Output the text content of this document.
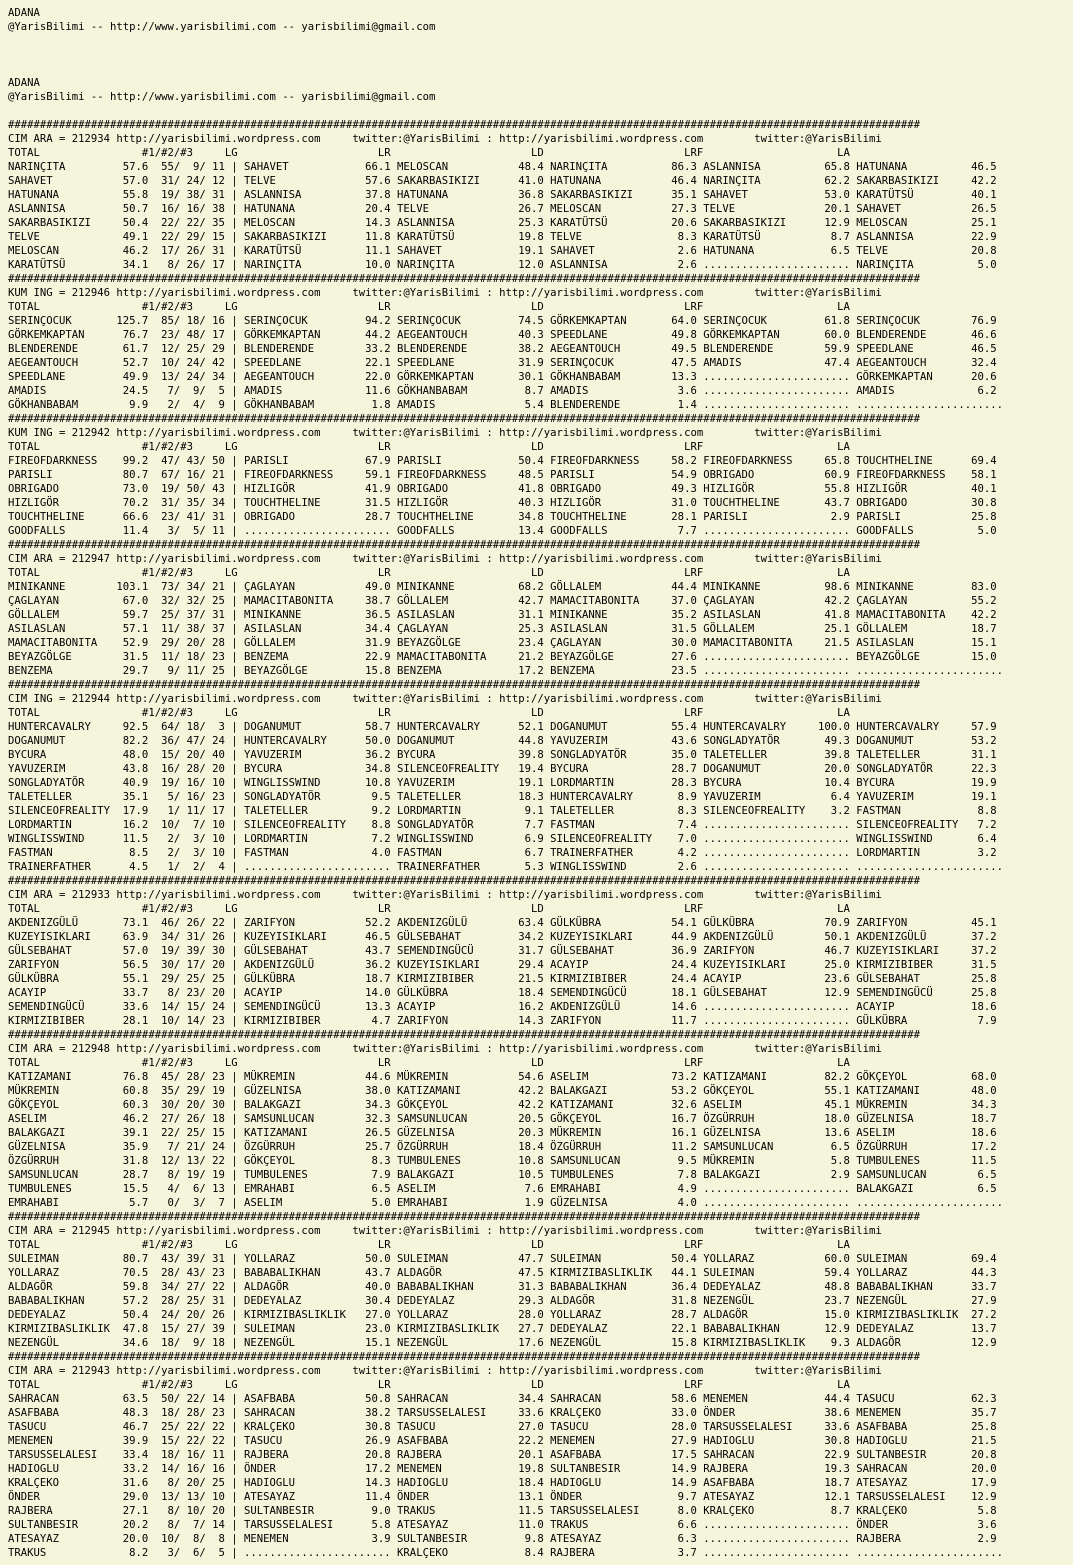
ADANA
@YarisBilimi -- http://www.yarisbilimi.com -- yarisbilimi@gmail.com

ADANA
@YarisBilimi -- http://www.yarisbilimi.com -- yarisbilimi@gmail.com

###############################################################################################################################################
CIM ARA = 212934 http://yarisbilimi.wordpress.com     twitter:@YarisBilimi : http://yarisbilimi.wordpress.com        twitter:@YarisBilimi
TOTAL                #1/#2/#3     LG                      LR                      LD                      LRF                     LA
NARINÇITA         57.6  55/  9/ 11 | SAHAVET            66.1 MELOSCAN           48.4 NARINÇITA          86.3 ASLANNISA          65.8 HATUNANA          46.5
SAHAVET           57.0  31/ 24/ 12 | TELVE              57.6 SAKARBASIKIZI      41.0 HATUNANA           46.4 NARINÇITA          62.2 SAKARBASIKIZI     42.2
HATUNANA          55.8  19/ 38/ 31 | ASLANNISA          37.8 HATUNANA           36.8 SAKARBASIKIZI      35.1 SAHAVET            53.0 KARATÜTSÜ         40.1
ASLANNISA         50.7  16/ 16/ 38 | HATUNANA           20.4 TELVE              26.7 MELOSCAN           27.3 TELVE              20.1 SAHAVET           26.5
SAKARBASIKIZI     50.4  22/ 22/ 35 | MELOSCAN           14.3 ASLANNISA          25.3 KARATÜTSÜ          20.6 SAKARBASIKIZI      12.9 MELOSCAN          25.1
TELVE             49.1  22/ 29/ 15 | SAKARBASIKIZI      11.8 KARATÜTSÜ          19.8 TELVE               8.3 KARATÜTSÜ           8.7 ASLANNISA         22.9
MELOSCAN          46.2  17/ 26/ 31 | KARATÜTSÜ          11.1 SAHAVET            19.1 SAHAVET             2.6 HATUNANA            6.5 TELVE             20.8
KARATÜTSÜ         34.1   8/ 26/ 17 | NARINÇITA          10.0 NARINÇITA          12.0 ASLANNISA           2.6 ....................... NARINÇITA          5.0
###############################################################################################################################################
KUM ING = 212946 http://yarisbilimi.wordpress.com     twitter:@YarisBilimi : http://yarisbilimi.wordpress.com        twitter:@YarisBilimi
TOTAL                #1/#2/#3     LG                      LR                      LD                      LRF                     LA
SERINÇOCUK       125.7  85/ 18/ 16 | SERINÇOCUK         94.2 SERINÇOCUK         74.5 GÖRKEMKAPTAN       64.0 SERINÇOCUK         61.8 SERINÇOCUK        76.9
GÖRKEMKAPTAN      76.7  23/ 48/ 17 | GÖRKEMKAPTAN       44.2 AEGEANTOUCH        40.3 SPEEDLANE          49.8 GÖRKEMKAPTAN       60.0 BLENDERENDE       46.6
BLENDERENDE       61.7  12/ 25/ 29 | BLENDERENDE        33.2 BLENDERENDE        38.2 AEGEANTOUCH        49.5 BLENDERENDE        59.9 SPEEDLANE         46.5
AEGEANTOUCH       52.7  10/ 24/ 42 | SPEEDLANE          22.1 SPEEDLANE          31.9 SERINÇOCUK         47.5 AMADIS             47.4 AEGEANTOUCH       32.4
SPEEDLANE         49.9  13/ 24/ 34 | AEGEANTOUCH        22.0 GÖRKEMKAPTAN       30.1 GÖKHANBABAM        13.3 ....................... GÖRKEMKAPTAN      20.6
AMADIS            24.5   7/  9/  5 | AMADIS             11.6 GÖKHANBABAM         8.7 AMADIS              3.6 ....................... AMADIS             6.2
GÖKHANBABAM        9.9   2/  4/  9 | GÖKHANBABAM         1.8 AMADIS              5.4 BLENDERENDE         1.4 ....................... .......................
###############################################################################################################################################
KUM ING = 212942 http://yarisbilimi.wordpress.com     twitter:@YarisBilimi : http://yarisbilimi.wordpress.com        twitter:@YarisBilimi
TOTAL                #1/#2/#3     LG                      LR                      LD                      LRF                     LA
FIREOFDARKNESS    99.2  47/ 43/ 50 | PARISLI            67.9 PARISLI            50.4 FIREOFDARKNESS     58.2 FIREOFDARKNESS     65.8 TOUCHTHELINE      69.4
PARISLI           80.7  67/ 16/ 21 | FIREOFDARKNESS     59.1 FIREOFDARKNESS     48.5 PARISLI            54.9 OBRIGADO           60.9 FIREOFDARKNESS    58.1
OBRIGADO          73.0  19/ 50/ 43 | HIZLIGÖR           41.9 OBRIGADO           41.8 OBRIGADO           49.3 HIZLIGÖR           55.8 HIZLIGÖR          40.1
HIZLIGÖR          70.2  31/ 35/ 34 | TOUCHTHELINE       31.5 HIZLIGÖR           40.3 HIZLIGÖR           31.0 TOUCHTHELINE       43.7 OBRIGADO          30.8
TOUCHTHELINE      66.6  23/ 41/ 31 | OBRIGADO           28.7 TOUCHTHELINE       34.8 TOUCHTHELINE       28.1 PARISLI             2.9 PARISLI           25.8
GOODFALLS         11.4   3/  5/ 11 | ....................... GOODFALLS          13.4 GOODFALLS           7.7 ....................... GOODFALLS          5.0
###############################################################################################################################################
CIM ARA = 212947 http://yarisbilimi.wordpress.com     twitter:@YarisBilimi : http://yarisbilimi.wordpress.com        twitter:@YarisBilimi
TOTAL                #1/#2/#3     LG                      LR                      LD                      LRF                     LA
MINIKANNE        103.1  73/ 34/ 21 | ÇAGLAYAN           49.0 MINIKANNE          68.2 GÖLLALEM           44.4 MINIKANNE          98.6 MINIKANNE         83.0
ÇAGLAYAN          67.0  32/ 32/ 25 | MAMACITABONITA     38.7 GÖLLALEM           42.7 MAMACITABONITA     37.0 ÇAGLAYAN           42.2 ÇAGLAYAN          55.2
GÖLLALEM          59.7  25/ 37/ 31 | MINIKANNE          36.5 ASILASLAN          31.1 MINIKANNE          35.2 ASILASLAN          41.8 MAMACITABONITA    42.2
ASILASLAN         57.1  11/ 38/ 37 | ASILASLAN          34.4 ÇAGLAYAN           25.3 ASILASLAN          31.5 GÖLLALEM           25.1 GÖLLALEM          18.7
MAMACITABONITA    52.9  29/ 20/ 28 | GÖLLALEM           31.9 BEYAZGÖLGE         23.4 ÇAGLAYAN           30.0 MAMACITABONITA     21.5 ASILASLAN         15.1
BEYAZGÖLGE        31.5  11/ 18/ 23 | BENZEMA            22.9 MAMACITABONITA     21.2 BEYAZGÖLGE         27.6 ....................... BEYAZGÖLGE        15.0
BENZEMA           29.7   9/ 11/ 25 | BEYAZGÖLGE         15.8 BENZEMA            17.2 BENZEMA            23.5 ....................... .......................
###############################################################################################################################################
CIM ING = 212944 http://yarisbilimi.wordpress.com     twitter:@YarisBilimi : http://yarisbilimi.wordpress.com        twitter:@YarisBilimi
TOTAL                #1/#2/#3     LG                      LR                      LD                      LRF                     LA
HUNTERCAVALRY     92.5  64/ 18/  3 | DOGANUMUT          58.7 HUNTERCAVALRY      52.1 DOGANUMUT          55.4 HUNTERCAVALRY     100.0 HUNTERCAVALRY     57.9
DOGANUMUT         82.2  36/ 47/ 24 | HUNTERCAVALRY      50.0 DOGANUMUT          44.8 YAVUZERIM          43.6 SONGLADYATÖR       49.3 DOGANUMUT         53.2
BYCURA            48.0  15/ 20/ 40 | YAVUZERIM          36.2 BYCURA             39.8 SONGLADYATÖR       35.0 TALETELLER         39.8 TALETELLER        31.1
YAVUZERIM         43.8  16/ 28/ 20 | BYCURA             34.8 SILENCEOFREALITY   19.4 BYCURA             28.7 DOGANUMUT          20.0 SONGLADYATÖR      22.3
SONGLADYATÖR      40.9  19/ 16/ 10 | WINGLISSWIND       10.8 YAVUZERIM          19.1 LORDMARTIN         28.3 BYCURA             10.4 BYCURA            19.9
TALETELLER        35.1   5/ 16/ 23 | SONGLADYATÖR        9.5 TALETELLER         18.3 HUNTERCAVALRY       8.9 YAVUZERIM           6.4 YAVUZERIM         19.1
SILENCEOFREALITY  17.9   1/ 11/ 17 | TALETELLER          9.2 LORDMARTIN          9.1 TALETELLER          8.3 SILENCEOFREALITY    3.2 FASTMAN            8.8
LORDMARTIN        16.2  10/  7/ 10 | SILENCEOFREALITY    8.8 SONGLADYATÖR        7.7 FASTMAN             7.4 ....................... SILENCEOFREALITY   7.2
WINGLISSWIND      11.5   2/  3/ 10 | LORDMARTIN          7.2 WINGLISSWIND        6.9 SILENCEOFREALITY    7.0 ....................... WINGLISSWIND       6.4
FASTMAN            8.5   2/  3/ 10 | FASTMAN             4.0 FASTMAN             6.7 TRAINERFATHER       4.2 ....................... LORDMARTIN         3.2
TRAINERFATHER      4.5   1/  2/  4 | ....................... TRAINERFATHER       5.3 WINGLISSWIND        2.6 ....................... .......................
###############################################################################################################################################
CIM ARA = 212933 http://yarisbilimi.wordpress.com     twitter:@YarisBilimi : http://yarisbilimi.wordpress.com        twitter:@YarisBilimi
TOTAL                #1/#2/#3     LG                      LR                      LD                      LRF                     LA
AKDENIZGÜLÜ       73.1  46/ 26/ 22 | ZARIFYON           52.2 AKDENIZGÜLÜ        63.4 GÜLKÜBRA           54.1 GÜLKÜBRA           70.9 ZARIFYON          45.1
KUZEYISIKLARI     63.9  34/ 31/ 26 | KUZEYISIKLARI      46.5 GÜLSEBAHAT         34.2 KUZEYISIKLARI      44.9 AKDENIZGÜLÜ        50.1 AKDENIZGÜLÜ       37.2
GÜLSEBAHAT        57.0  19/ 39/ 30 | GÜLSEBAHAT         43.7 SEMENDINGÜCÜ       31.7 GÜLSEBAHAT         36.9 ZARIFYON           46.7 KUZEYISIKLARI     37.2
ZARIFYON          56.5  30/ 17/ 20 | AKDENIZGÜLÜ        36.2 KUZEYISIKLARI      29.4 ACAYIP             24.4 KUZEYISIKLARI      25.0 KIRMIZIBIBER      31.5
GÜLKÜBRA          55.1  29/ 25/ 25 | GÜLKÜBRA           18.7 KIRMIZIBIBER       21.5 KIRMIZIBIBER       24.4 ACAYIP             23.6 GÜLSEBAHAT        25.8
ACAYIP            33.7   8/ 23/ 20 | ACAYIP             14.0 GÜLKÜBRA           18.4 SEMENDINGÜCÜ       18.1 GÜLSEBAHAT         12.9 SEMENDINGÜCÜ      25.8
SEMENDINGÜCÜ      33.6  14/ 15/ 24 | SEMENDINGÜCÜ       13.3 ACAYIP             16.2 AKDENIZGÜLÜ        14.6 ....................... ACAYIP            18.6
KIRMIZIBIBER      28.1  10/ 14/ 23 | KIRMIZIBIBER        4.7 ZARIFYON           14.3 ZARIFYON           11.7 ....................... GÜLKÜBRA           7.9
###############################################################################################################################################
CIM ARA = 212948 http://yarisbilimi.wordpress.com     twitter:@YarisBilimi : http://yarisbilimi.wordpress.com        twitter:@YarisBilimi
TOTAL                #1/#2/#3     LG                      LR                      LD                      LRF                     LA
KATIZAMANI        76.8  45/ 28/ 23 | MÜKREMIN           44.6 MÜKREMIN           54.6 ASELIM             73.2 KATIZAMANI         82.2 GÖKÇEYOL          68.0
MÜKREMIN          60.8  35/ 29/ 19 | GÜZELNISA          38.0 KATIZAMANI         42.2 BALAKGAZI          53.2 GÖKÇEYOL           55.1 KATIZAMANI        48.0
GÖKÇEYOL          60.3  30/ 20/ 30 | BALAKGAZI          34.3 GÖKÇEYOL           42.2 KATIZAMANI         32.6 ASELIM             45.1 MÜKREMIN          34.3
ASELIM            46.2  27/ 26/ 18 | SAMSUNLUCAN        32.3 SAMSUNLUCAN        20.5 GÖKÇEYOL           16.7 ÖZGÜRRUH           18.0 GÜZELNISA         18.7
BALAKGAZI         39.1  22/ 25/ 15 | KATIZAMANI         26.5 GÜZELNISA          20.3 MÜKREMIN           16.1 GÜZELNISA          13.6 ASELIM            18.6
GÜZELNISA         35.9   7/ 21/ 24 | ÖZGÜRRUH           25.7 ÖZGÜRRUH           18.4 ÖZGÜRRUH           11.2 SAMSUNLUCAN         6.5 ÖZGÜRRUH          17.2
ÖZGÜRRUH          31.8  12/ 13/ 22 | GÖKÇEYOL            8.3 TUMBULENES         10.8 SAMSUNLUCAN         9.5 MÜKREMIN            5.8 TUMBULENES        11.5
SAMSUNLUCAN       28.7   8/ 19/ 19 | TUMBULENES          7.9 BALAKGAZI          10.5 TUMBULENES          7.8 BALAKGAZI           2.9 SAMSUNLUCAN        6.5
TUMBULENES        15.5   4/  6/ 13 | EMRAHABI            6.5 ASELIM              7.6 EMRAHABI            4.9 ....................... BALAKGAZI          6.5
EMRAHABI           5.7   0/  3/  7 | ASELIM              5.0 EMRAHABI            1.9 GÜZELNISA           4.0 ....................... .......................
###############################################################################################################################################
CIM ARA = 212945 http://yarisbilimi.wordpress.com     twitter:@YarisBilimi : http://yarisbilimi.wordpress.com        twitter:@YarisBilimi
TOTAL                #1/#2/#3     LG                      LR                      LD                      LRF                     LA
SULEIMAN          80.7  43/ 39/ 31 | YOLLARAZ           50.0 SULEIMAN           47.7 SULEIMAN           50.4 YOLLARAZ           60.0 SULEIMAN          69.4
YOLLARAZ          70.5  28/ 43/ 23 | BABABALIKHAN       43.7 ALDAGÖR            47.5 KIRMIZIBASLIKLIK   44.1 SULEIMAN           59.4 YOLLARAZ          44.3
ALDAGÖR           59.8  34/ 27/ 22 | ALDAGÖR            40.0 BABABALIKHAN       31.3 BABABALIKHAN       36.4 DEDEYALAZ          48.8 BABABALIKHAN      33.7
BABABALIKHAN      57.2  28/ 25/ 31 | DEDEYALAZ          30.4 DEDEYALAZ          29.3 ALDAGÖR            31.8 NEZENGÜL           23.7 NEZENGÜL          27.9
DEDEYALAZ         50.4  24/ 20/ 26 | KIRMIZIBASLIKLIK   27.0 YOLLARAZ           28.0 YOLLARAZ           28.7 ALDAGÖR            15.0 KIRMIZIBASLIKLIK  27.2
KIRMIZIBASLIKLIK  47.8  15/ 27/ 39 | SULEIMAN           23.0 KIRMIZIBASLIKLIK   27.7 DEDEYALAZ          22.1 BABABALIKHAN       12.9 DEDEYALAZ         13.7
NEZENGÜL          34.6  18/  9/ 18 | NEZENGÜL           15.1 NEZENGÜL           17.6 NEZENGÜL           15.8 KIRMIZIBASLIKLIK    9.3 ALDAGÖR           12.9
###############################################################################################################################################
CIM ARA = 212943 http://yarisbilimi.wordpress.com     twitter:@YarisBilimi : http://yarisbilimi.wordpress.com        twitter:@YarisBilimi
TOTAL                #1/#2/#3     LG                      LR                      LD                      LRF                     LA
SAHRACAN          63.5  50/ 22/ 14 | ASAFBABA           50.8 SAHRACAN           34.4 SAHRACAN           58.6 MENEMEN            44.4 TASUCU            62.3
ASAFBABA          48.3  18/ 28/ 23 | SAHRACAN           38.2 TARSUSSELALESI     33.6 KRALÇEKO           33.0 ÖNDER              38.6 MENEMEN           35.7
TASUCU            46.7  25/ 22/ 22 | KRALÇEKO           30.8 TASUCU             27.0 TASUCU             28.0 TARSUSSELALESI     33.6 ASAFBABA          25.8
MENEMEN           39.9  15/ 22/ 22 | TASUCU             26.9 ASAFBABA           22.2 MENEMEN            27.9 HADIOGLU           30.8 HADIOGLU          21.5
TARSUSSELALESI    33.4  18/ 16/ 11 | RAJBERA            20.8 RAJBERA            20.1 ASAFBABA           17.5 SAHRACAN           22.9 SULTANBESIR       20.8
HADIOGLU          33.2  14/ 16/ 16 | ÖNDER              17.2 MENEMEN            19.8 SULTANBESIR        14.9 RAJBERA            19.3 SAHRACAN          20.0
KRALÇEKO          31.6   8/ 20/ 25 | HADIOGLU           14.3 HADIOGLU           18.4 HADIOGLU           14.9 ASAFBABA           18.7 ATESAYAZ          17.9
ÖNDER             29.0  13/ 13/ 10 | ATESAYAZ           11.4 ÖNDER              13.1 ÖNDER               9.7 ATESAYAZ           12.1 TARSUSSELALESI    12.9
RAJBERA           27.1   8/ 10/ 20 | SULTANBESIR         9.0 TRAKUS             11.5 TARSUSSELALESI      8.0 KRALÇEKO            8.7 KRALÇEKO           5.8
SULTANBESIR       20.2   8/  7/ 14 | TARSUSSELALESI      5.8 ATESAYAZ           11.0 TRAKUS              6.6 ....................... ÖNDER              3.6
ATESAYAZ          20.0  10/  8/  8 | MENEMEN             3.9 SULTANBESIR         9.8 ATESAYAZ            6.3 ....................... RAJBERA            2.9
TRAKUS             8.2   3/  6/  5 | ....................... KRALÇEKO            8.4 RAJBERA             3.7 ....................... .......................
